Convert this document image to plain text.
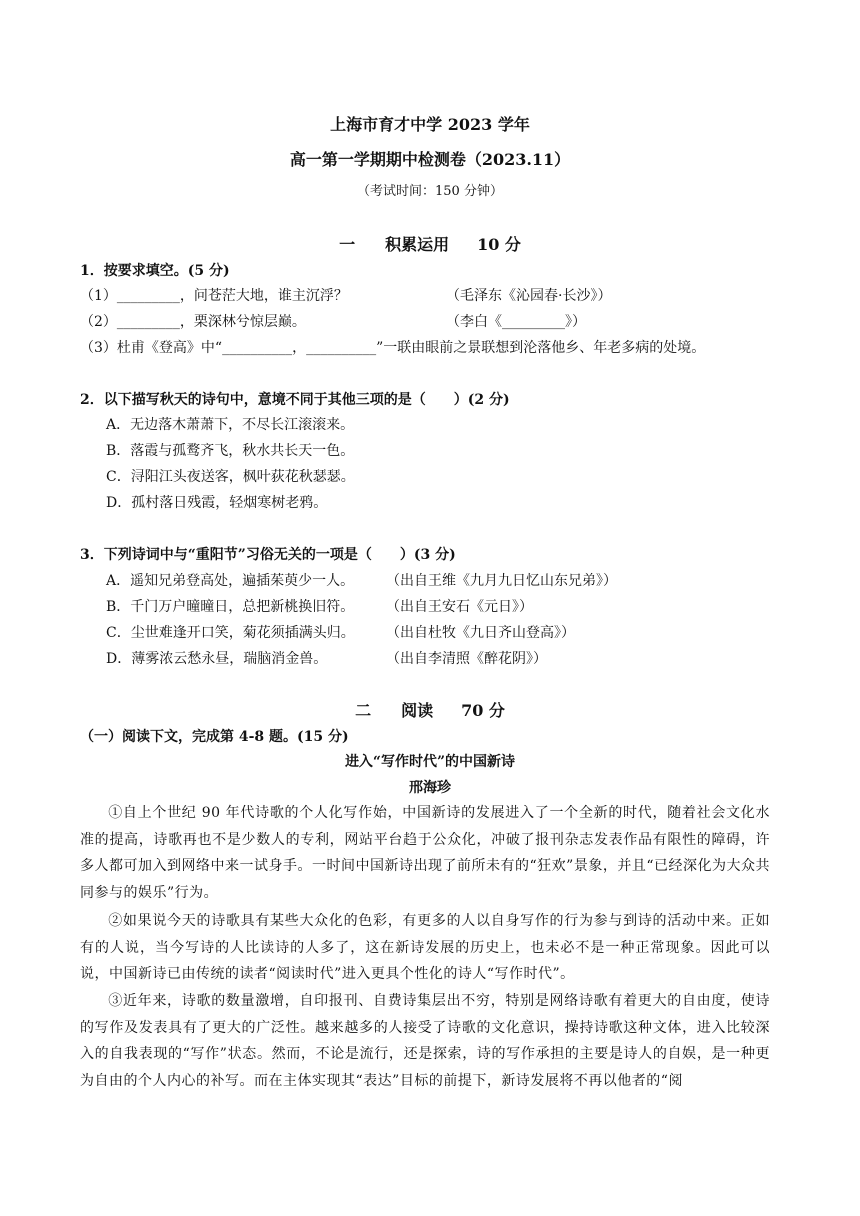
上海市育才中学 2023 学年
高一第一学期期中检测卷（2023.11）
（考试时间：150 分钟）
一 积累运用 10 分
1．按要求填空。(5 分)
（1）_________，问苍茫大地，谁主沉浮？	（毛泽东《沁园春·长沙》）
（2）_________，栗深林兮惊层巅。	（李白《_________》）
（3）杜甫《登高》中“__________，__________”一联由眼前之景联想到沦落他乡、年老多病的处境。
2．以下描写秋天的诗句中，意境不同于其他三项的是（　　）(2 分)
A．无边落木萧萧下，不尽长江滚滚来。
B．落霞与孤鹜齐飞，秋水共长天一色。
C．浔阳江头夜送客，枫叶荻花秋瑟瑟。
D．孤村落日残霞，轻烟寒树老鸦。
3．下列诗词中与“重阳节”习俗无关的一项是（　　）(3 分)
A．遥知兄弟登高处，遍插茱萸少一人。 （出自王维《九月九日忆山东兄弟》）
B．千门万户曈曈日，总把新桃换旧符。 （出自王安石《元日》）
C．尘世难逢开口笑，菊花须插满头归。 （出自杜牧《九日齐山登高》）
D．薄雾浓云愁永昼，瑞脑消金兽。	（出自李清照《醉花阴》）
二 阅读 70 分
（一）阅读下文，完成第 4-8 题。(15 分)
进入“写作时代”的中国新诗
邢海珍
①自上个世纪 90 年代诗歌的个人化写作始，中国新诗的发展进入了一个全新的时代，随着社会文化水准的提高，诗歌再也不是少数人的专利，网站平台趋于公众化，冲破了报刊杂志发表作品有限性的障碍，许多人都可加入到网络中来一试身手。一时间中国新诗出现了前所未有的“狂欢”景象，并且“已经深化为大众共同参与的娱乐”行为。
②如果说今天的诗歌具有某些大众化的色彩，有更多的人以自身写作的行为参与到诗的活动中来。正如有的人说，当今写诗的人比读诗的人多了，这在新诗发展的历史上，也未必不是一种正常现象。因此可以说，中国新诗已由传统的读者“阅读时代”进入更具个性化的诗人“写作时代”。
③近年来，诗歌的数量激增，自印报刊、自费诗集层出不穷，特别是网络诗歌有着更大的自由度，使诗的写作及发表具有了更大的广泛性。越来越多的人接受了诗歌的文化意识，操持诗歌这种文体，进入比较深入的自我表现的“写作”状态。然而，不论是流行，还是探索，诗的写作承担的主要是诗人的自娱，是一种更为自由的个人内心的补写。而在主体实现其“表达”目标的前提下，新诗发展将不再以他者的“阅
